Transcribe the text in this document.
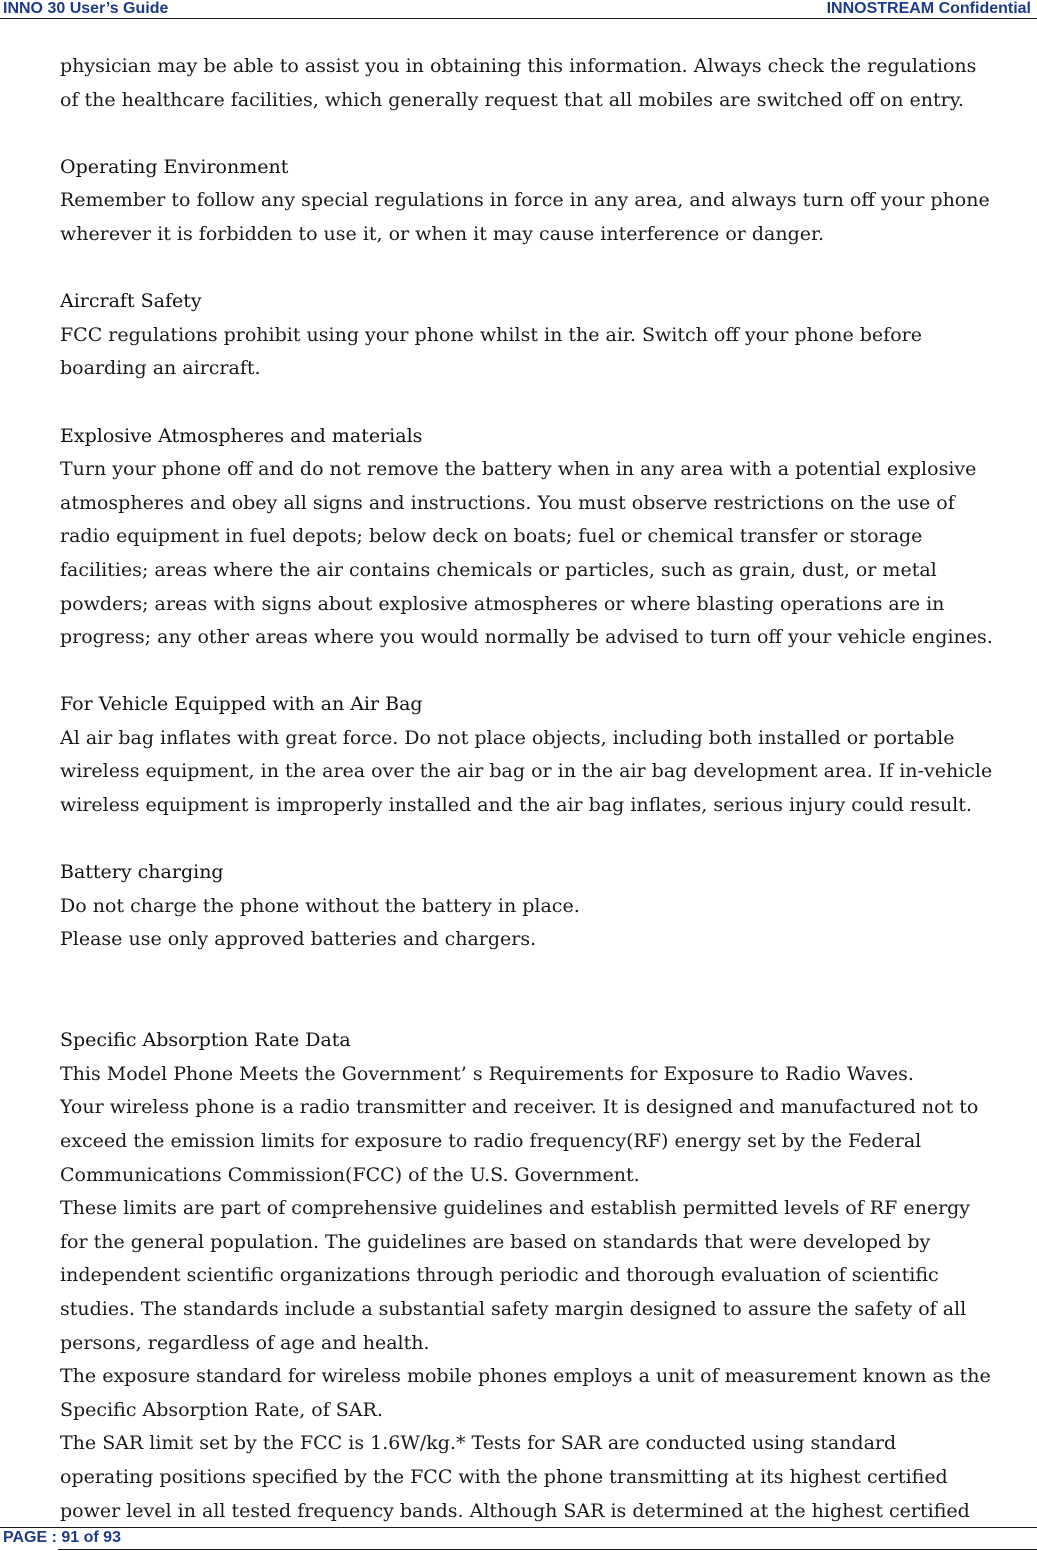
INNO 30 User’s Guide	INNOSTREAM Confidential
physician may be able to assist you in obtaining this information. Always check the regulations
of the healthcare facilities, which generally request that all mobiles are switched off on entry.
Operating Environment
Remember to follow any special regulations in force in any area, and always turn off your phone
wherever it is forbidden to use it, or when it may cause interference or danger.
Aircraft Safety
FCC regulations prohibit using your phone whilst in the air. Switch off your phone before
boarding an aircraft.
Explosive Atmospheres and materials
Turn your phone off and do not remove the battery when in any area with a potential explosive
atmospheres and obey all signs and instructions. You must observe restrictions on the use of
radio equipment in fuel depots; below deck on boats; fuel or chemical transfer or storage
facilities; areas where the air contains chemicals or particles, such as grain, dust, or metal
powders; areas with signs about explosive atmospheres or where blasting operations are in
progress; any other areas where you would normally be advised to turn off your vehicle engines.
For Vehicle Equipped with an Air Bag
Al air bag inflates with great force. Do not place objects, including both installed or portable
wireless equipment, in the area over the air bag or in the air bag development area. If in-vehicle
wireless equipment is improperly installed and the air bag inflates, serious injury could result.
Battery charging
Do not charge the phone without the battery in place.
Please use only approved batteries and chargers.
Specific Absorption Rate Data
This Model Phone Meets the Government’ s Requirements for Exposure to Radio Waves.
Your wireless phone is a radio transmitter and receiver. It is designed and manufactured not to
exceed the emission limits for exposure to radio frequency(RF) energy set by the Federal
Communications Commission(FCC) of the U.S. Government.
These limits are part of comprehensive guidelines and establish permitted levels of RF energy
for the general population. The guidelines are based on standards that were developed by
independent scientific organizations through periodic and thorough evaluation of scientific
studies. The standards include a substantial safety margin designed to assure the safety of all
persons, regardless of age and health.
The exposure standard for wireless mobile phones employs a unit of measurement known as the
Specific Absorption Rate, of SAR.
The SAR limit set by the FCC is 1.6W/kg.* Tests for SAR are conducted using standard
operating positions specified by the FCC with the phone transmitting at its highest certified
power level in all tested frequency bands. Although SAR is determined at the highest certified
PAGE : 91 of 93
